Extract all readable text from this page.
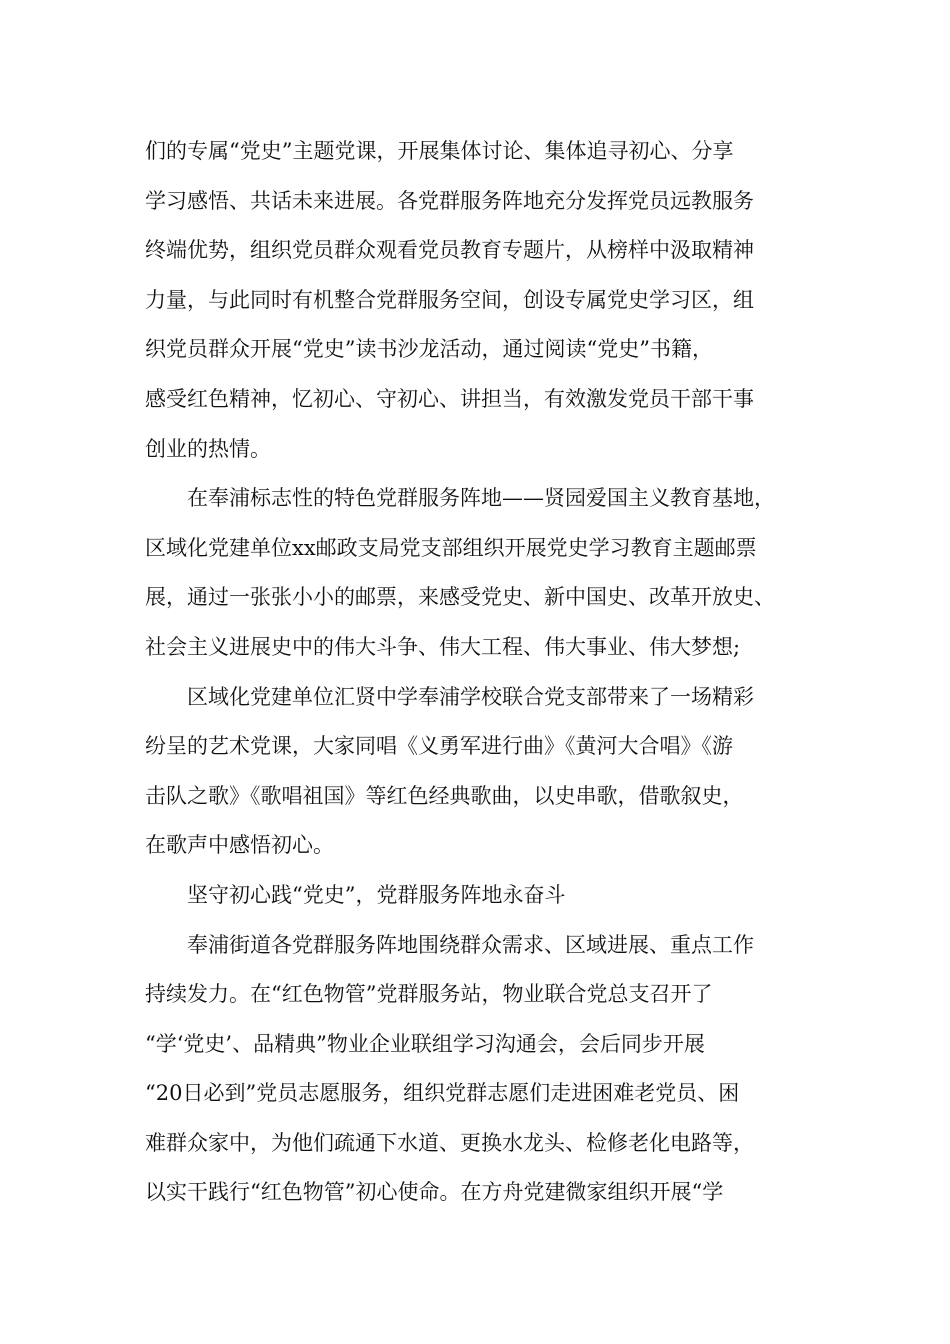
们的专属“党史”主题党课，开展集体讨论、集体追寻初心、分享
学习感悟、共话未来进展。各党群服务阵地充分发挥党员远教服务
终端优势，组织党员群众观看党员教育专题片，从榜样中汲取精神
力量，与此同时有机整合党群服务空间，创设专属党史学习区，组
织党员群众开展“党史”读书沙龙活动，通过阅读“党史”书籍，
感受红色精神，忆初心、守初心、讲担当，有效激发党员干部干事
创业的热情。
在奉浦标志性的特色党群服务阵地——贤园爱国主义教育基地，
区域化党建单位xx邮政支局党支部组织开展党史学习教育主题邮票
展，通过一张张小小的邮票，来感受党史、新中国史、改革开放史、
社会主义进展史中的伟大斗争、伟大工程、伟大事业、伟大梦想;
区域化党建单位汇贤中学奉浦学校联合党支部带来了一场精彩
纷呈的艺术党课，大家同唱《义勇军进行曲》《黄河大合唱》《游
击队之歌》《歌唱祖国》等红色经典歌曲，以史串歌，借歌叙史，
在歌声中感悟初心。
坚守初心践“党史”，党群服务阵地永奋斗
奉浦街道各党群服务阵地围绕群众需求、区域进展、重点工作
持续发力。在“红色物管”党群服务站，物业联合党总支召开了
“学‘党史’、品精典”物业企业联组学习沟通会，会后同步开展
“20日必到”党员志愿服务，组织党群志愿们走进困难老党员、困
难群众家中，为他们疏通下水道、更换水龙头、检修老化电路等，
以实干践行“红色物管”初心使命。在方舟党建微家组织开展“学
